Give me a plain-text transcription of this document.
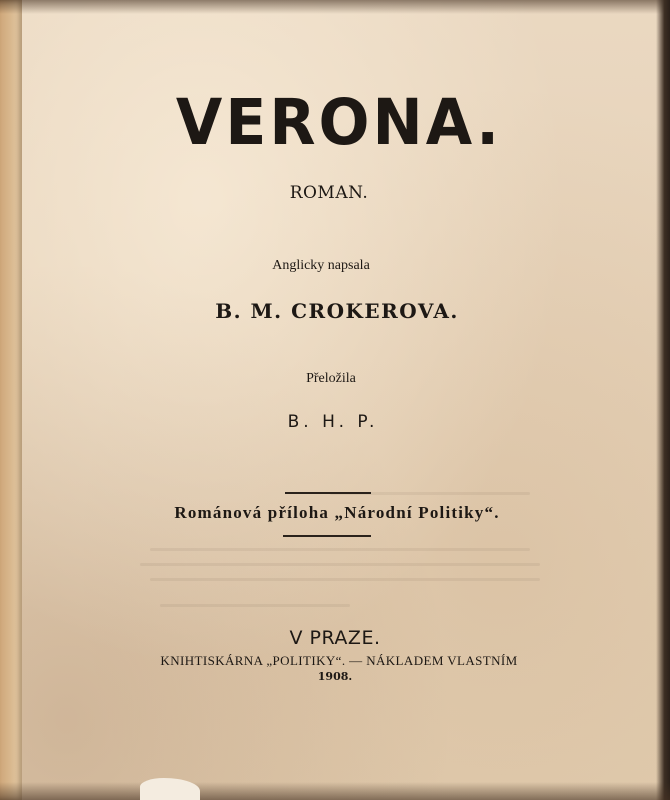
VERONA.
ROMAN.
Anglicky napsala
B. M. CROKEROVA.
Přeložila
B. H. P.
Románová příloha „Národní Politiky“.
V PRAZE.
KNIHTISKÁRNA „POLITIKY“. — NÁKLADEM VLASTNÍM
1908.
